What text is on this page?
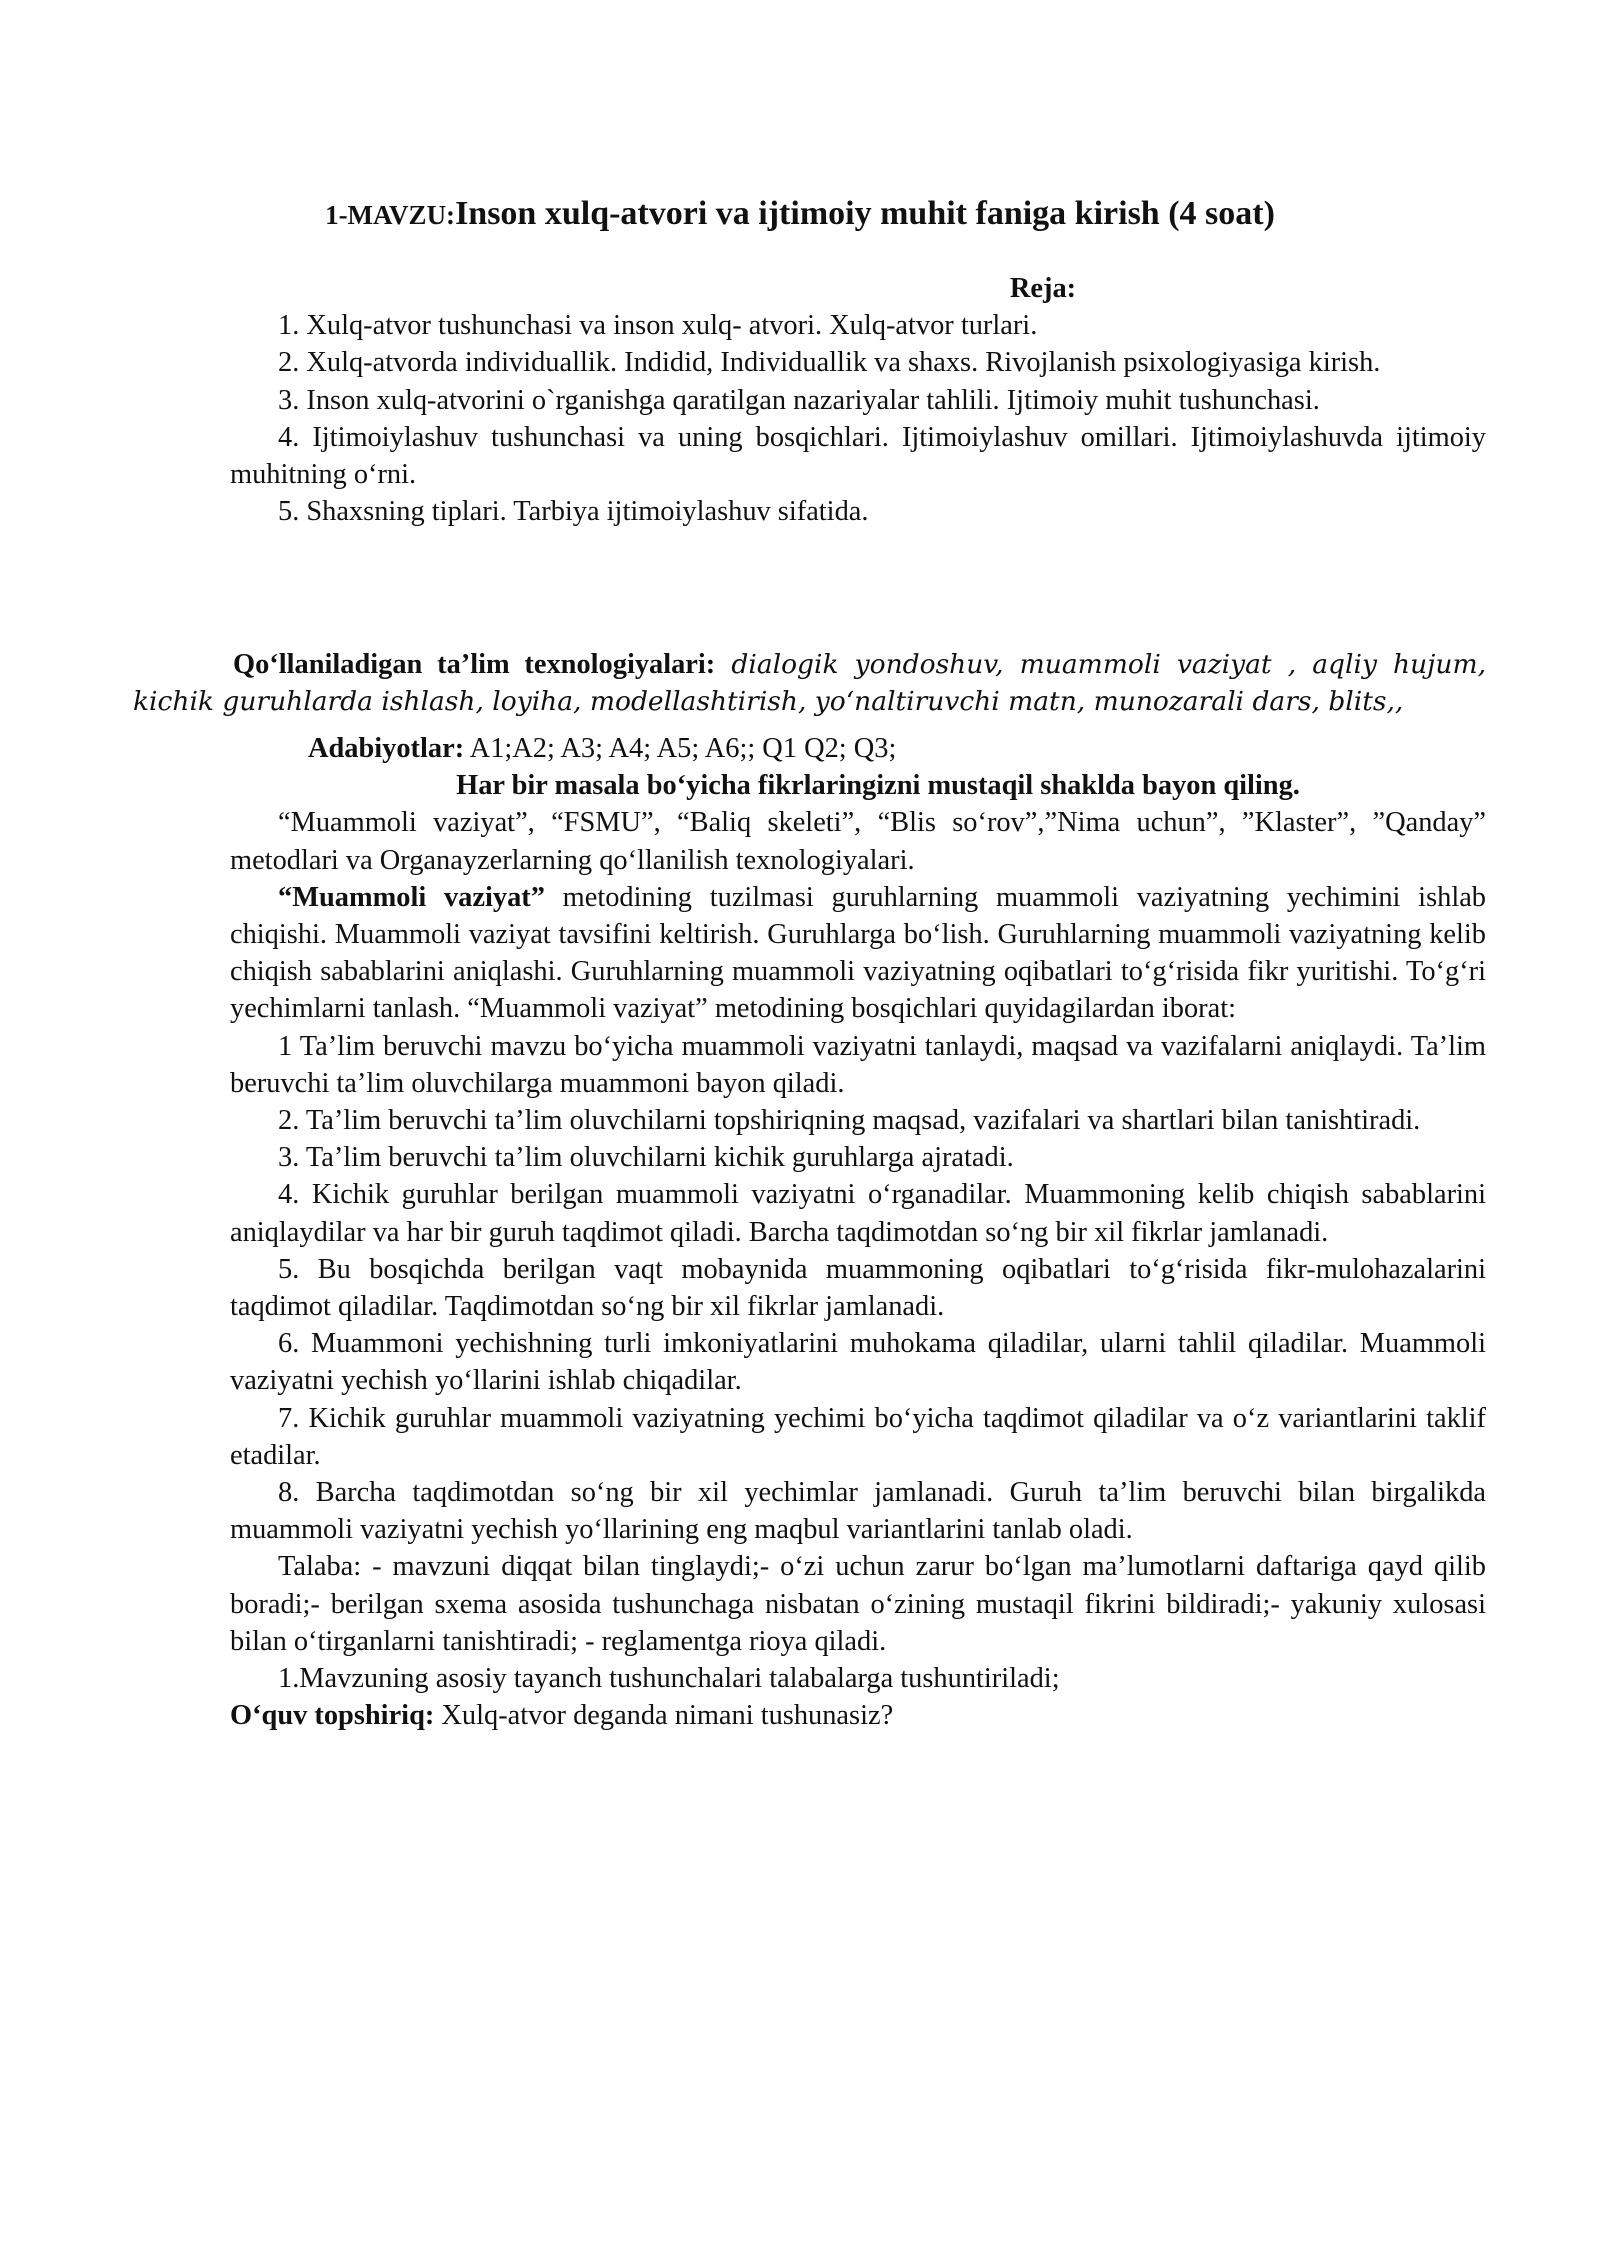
1-MAVZU:Inson xulq-atvori va ijtimoiy muhit faniga kirish (4 soat)

Reja:

1. Xulq-atvor tushunchasi va inson xulq- atvori. Xulq-atvor turlari.

2. Xulq-atvorda individuallik. Indidid, Individuallik va shaxs. Rivojlanish psixologiyasiga kirish.

3. Inson xulq-atvorini o`rganishga qaratilgan nazariyalar tahlili. Ijtimoiy muhit tushunchasi.

4. Ijtimoiylashuv tushunchasi va uning bosqichlari. Ijtimoiylashuv omillari. Ijtimoiylashuvda ijtimoiy muhitning o‘rni.

5. Shaxsning tiplari. Tarbiya ijtimoiylashuv sifatida.

Qo‘llaniladigan ta’lim texnologiyalari: dialogik yondoshuv, muammoli vaziyat , aqliy hujum, kichik guruhlarda ishlash, loyiha, modellashtirish, yo‘naltiruvchi matn, munozarali dars, blits,,

Adabiyotlar: A1;A2; A3; A4; A5; A6;; Q1 Q2; Q3;

Har bir masala bo‘yicha fikrlaringizni mustaqil shaklda bayon qiling.

“Muammoli vaziyat”, “FSMU”, “Baliq skeleti”, “Blis so‘rov”,”Nima uchun”, ”Klaster”, ”Qanday” metodlari va Organayzerlarning qo‘llanilish texnologiyalari.

“Muammoli vaziyat” metodining tuzilmasi guruhlarning muammoli vaziyatning yechimini ishlab chiqishi. Muammoli vaziyat tavsifini keltirish. Guruhlarga bo‘lish. Guruhlarning muammoli vaziyatning kelib chiqish sabablarini aniqlashi. Guruhlarning muammoli vaziyatning oqibatlari to‘g‘risida fikr yuritishi. To‘g‘ri yechimlarni tanlash. “Muammoli vaziyat” metodining bosqichlari quyidagilardan iborat:

1 Ta’lim beruvchi mavzu bo‘yicha muammoli vaziyatni tanlaydi, maqsad va vazifalarni aniqlaydi. Ta’lim beruvchi ta’lim oluvchilarga muammoni bayon qiladi.

2. Ta’lim beruvchi ta’lim oluvchilarni topshiriqning maqsad, vazifalari va shartlari bilan tanishtiradi.

3. Ta’lim beruvchi ta’lim oluvchilarni kichik guruhlarga ajratadi.

4. Kichik guruhlar berilgan muammoli vaziyatni o‘rganadilar. Muammoning kelib chiqish sabablarini aniqlaydilar va har bir guruh taqdimot qiladi. Barcha taqdimotdan so‘ng bir xil fikrlar jamlanadi.

5. Bu bosqichda berilgan vaqt mobaynida muammoning oqibatlari to‘g‘risida fikr-mulohazalarini taqdimot qiladilar. Taqdimotdan so‘ng bir xil fikrlar jamlanadi.

6. Muammoni yechishning turli imkoniyatlarini muhokama qiladilar, ularni tahlil qiladilar. Muammoli vaziyatni yechish yo‘llarini ishlab chiqadilar.

7. Kichik guruhlar muammoli vaziyatning yechimi bo‘yicha taqdimot qiladilar va o‘z variantlarini taklif etadilar.

8. Barcha taqdimotdan so‘ng bir xil yechimlar jamlanadi. Guruh ta’lim beruvchi bilan birgalikda muammoli vaziyatni yechish yo‘llarining eng maqbul variantlarini tanlab oladi.

Talaba: - mavzuni diqqat bilan tinglaydi;- o‘zi uchun zarur bo‘lgan ma’lumotlarni daftariga qayd qilib boradi;- berilgan sxema asosida tushunchaga nisbatan o‘zining mustaqil fikrini bildiradi;- yakuniy xulosasi bilan o‘tirganlarni tanishtiradi; - reglamentga rioya qiladi.

1.Mavzuning asosiy tayanch tushunchalari talabalarga tushuntiriladi;

O‘quv topshiriq: Xulq-atvor deganda nimani tushunasiz?
